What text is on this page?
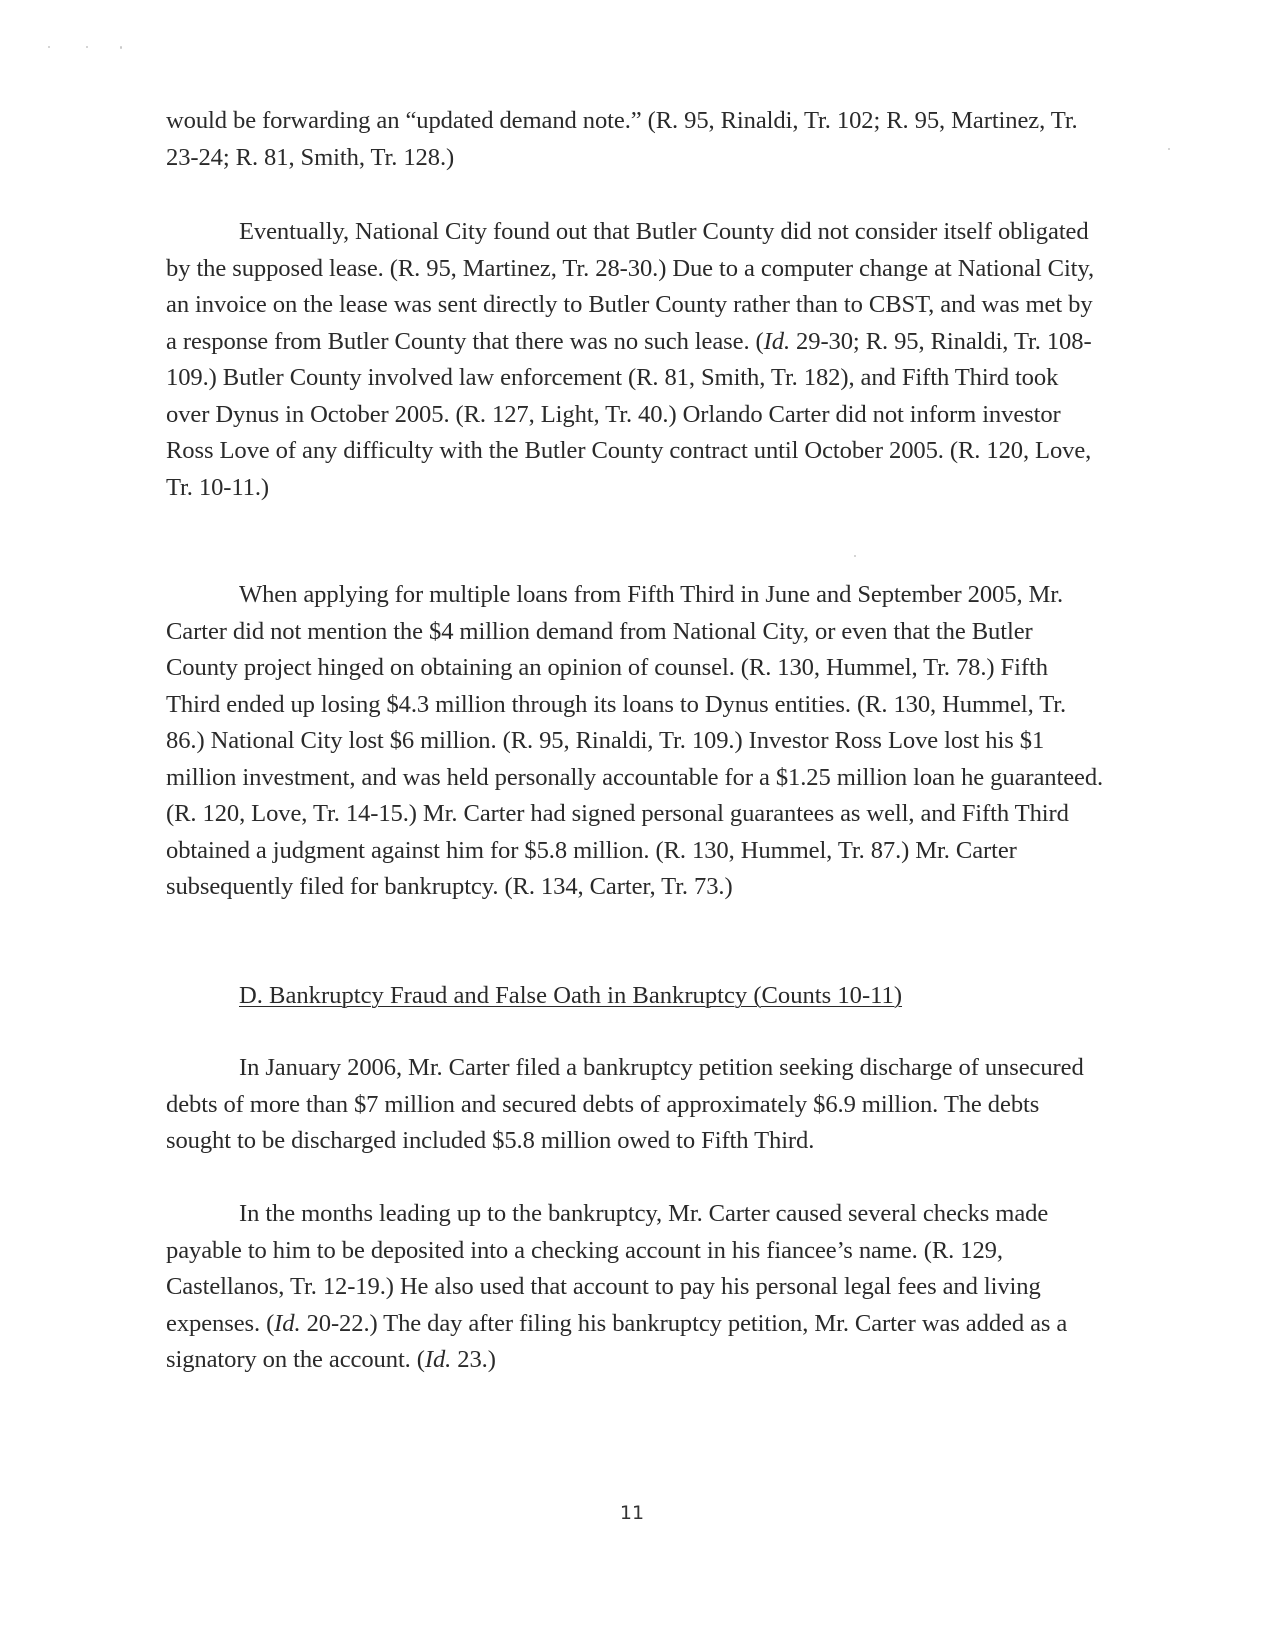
would be forwarding an “updated demand note.” (R. 95, Rinaldi, Tr. 102; R. 95, Martinez, Tr. 23-24; R. 81, Smith, Tr. 128.)

Eventually, National City found out that Butler County did not consider itself obligated by the supposed lease. (R. 95, Martinez, Tr. 28-30.) Due to a computer change at National City, an invoice on the lease was sent directly to Butler County rather than to CBST, and was met by a response from Butler County that there was no such lease. (Id. 29-30; R. 95, Rinaldi, Tr. 108-109.) Butler County involved law enforcement (R. 81, Smith, Tr. 182), and Fifth Third took over Dynus in October 2005. (R. 127, Light, Tr. 40.) Orlando Carter did not inform investor Ross Love of any difficulty with the Butler County contract until October 2005. (R. 120, Love, Tr. 10-11.)

When applying for multiple loans from Fifth Third in June and September 2005, Mr. Carter did not mention the $4 million demand from National City, or even that the Butler County project hinged on obtaining an opinion of counsel. (R. 130, Hummel, Tr. 78.) Fifth Third ended up losing $4.3 million through its loans to Dynus entities. (R. 130, Hummel, Tr. 86.) National City lost $6 million. (R. 95, Rinaldi, Tr. 109.) Investor Ross Love lost his $1 million investment, and was held personally accountable for a $1.25 million loan he guaranteed. (R. 120, Love, Tr. 14-15.) Mr. Carter had signed personal guarantees as well, and Fifth Third obtained a judgment against him for $5.8 million. (R. 130, Hummel, Tr. 87.) Mr. Carter subsequently filed for bankruptcy. (R. 134, Carter, Tr. 73.)

D. Bankruptcy Fraud and False Oath in Bankruptcy (Counts 10-11)

In January 2006, Mr. Carter filed a bankruptcy petition seeking discharge of unsecured debts of more than $7 million and secured debts of approximately $6.9 million. The debts sought to be discharged included $5.8 million owed to Fifth Third.

In the months leading up to the bankruptcy, Mr. Carter caused several checks made payable to him to be deposited into a checking account in his fiancee’s name. (R. 129, Castellanos, Tr. 12-19.) He also used that account to pay his personal legal fees and living expenses. (Id. 20-22.) The day after filing his bankruptcy petition, Mr. Carter was added as a signatory on the account. (Id. 23.)

11
